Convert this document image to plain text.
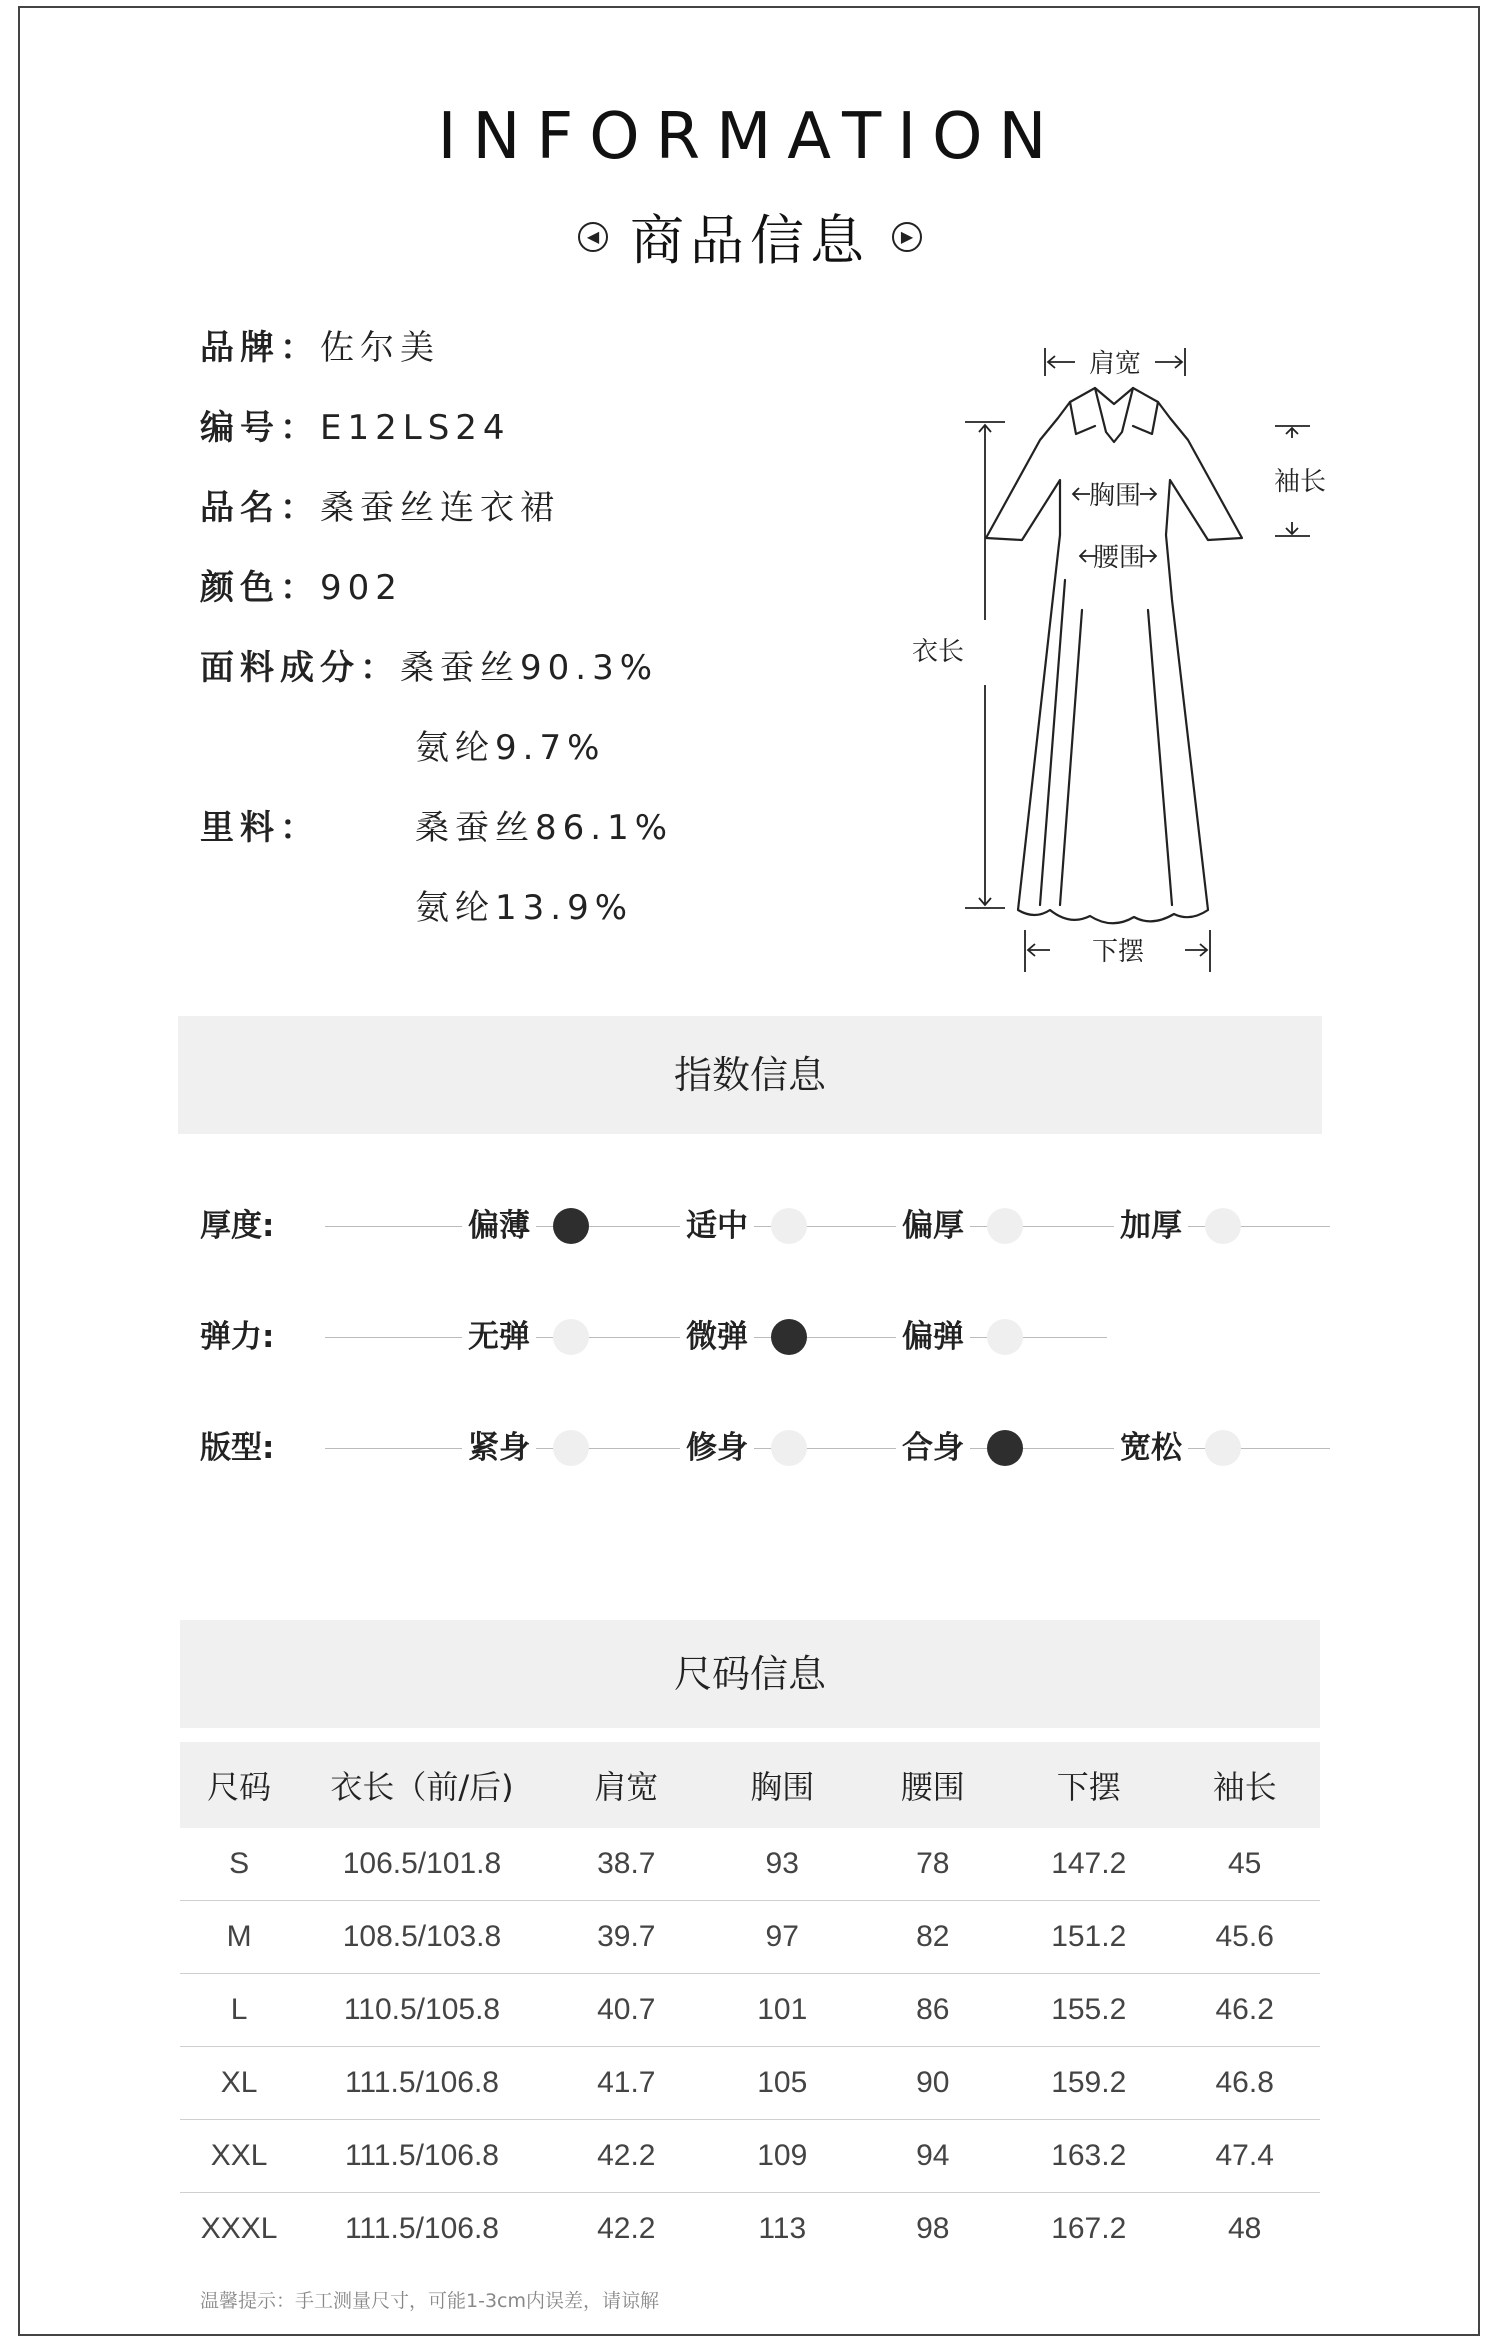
INFORMATION
◀ 商品信息	▶
品牌：佐尔美
编号：E12LS24
品名：桑蚕丝连衣裙
颜色：902
面料成分：桑蚕丝90.3%
氨纶9.7%
里料：	桑蚕丝86.1%
氨纶13.9%
肩宽
袖长
胸围
腰围
衣长
下摆
指数信息
厚度:	偏薄	适中	偏厚	加厚
弹力:	无弹	微弹	偏弹
版型:	紧身	修身	合身	宽松
尺码信息
尺码	衣长（前/后)	肩宽	胸围	腰围	下摆	袖长
S	106.5/101.8	38.7	93	78	147.2	45
M	108.5/103.8	39.7	97	82	151.2	45.6
L	110.5/105.8	40.7	101	86	155.2	46.2
XL	111.5/106.8	41.7	105	90	159.2	46.8
XXL	111.5/106.8	42.2	109	94	163.2	47.4
XXXL	111.5/106.8	42.2	113	98	167.2	48
温馨提示：手工测量尺寸，可能1-3cm内误差，请谅解
